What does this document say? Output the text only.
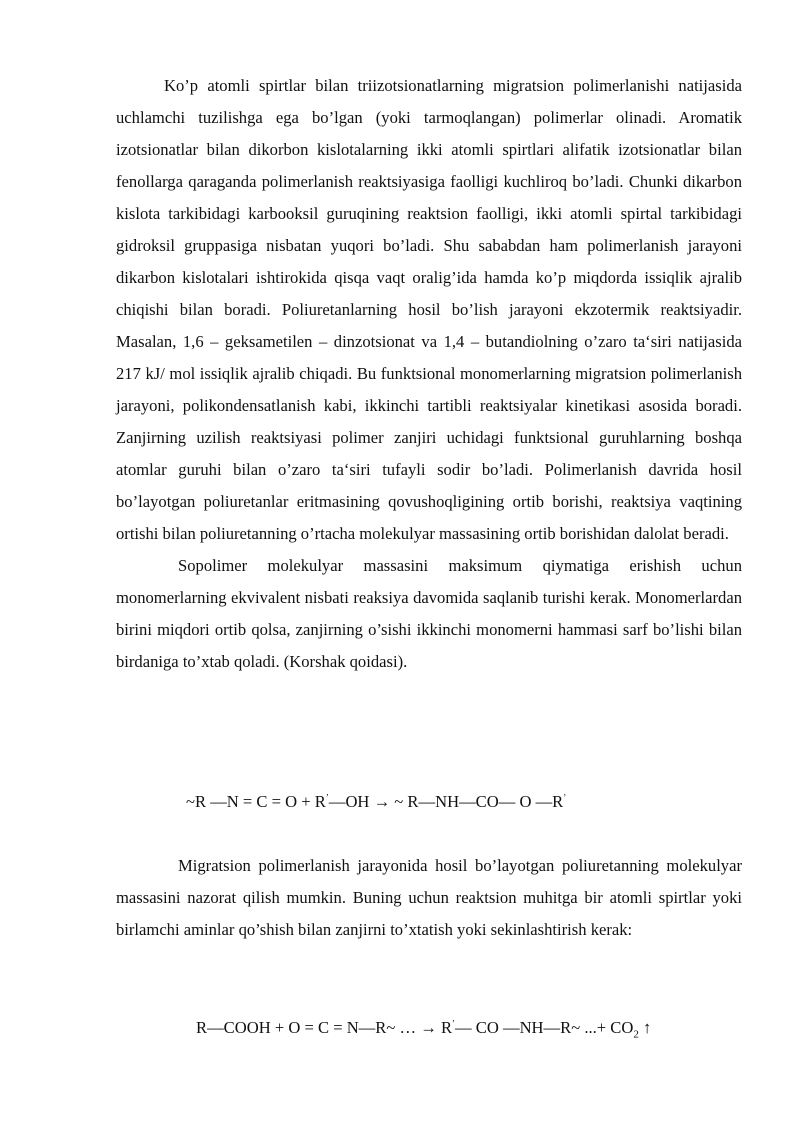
Ko’p atomli spirtlar bilan triizotsionatlarning migratsion polimerlanishi natijasida uchlamchi tuzilishga ega bo’lgan (yoki tarmoqlangan) polimerlar olinadi. Aromatik izotsionatlar bilan dikorbon kislotalarning ikki atomli spirtlari alifatik izotsionatlar bilan fenollarga qaraganda polimerlanish reaktsiyasiga faolligi kuchliroq bo’ladi. Chunki dikarbon kislota tarkibidagi karbooksil guruqining reaktsion faolligi, ikki atomli spirtal tarkibidagi gidroksil gruppasiga nisbatan yuqori bo’ladi. Shu sababdan ham polimerlanish jarayoni dikarbon kislotalari ishtirokida qisqa vaqt oralig’ida hamda ko’p miqdorda issiqlik ajralib chiqishi bilan boradi. Poliuretanlarning hosil bo’lish jarayoni ekzotermik reaktsiyadir. Masalan, 1,6 – geksametilen – dinzotsionat va 1,4 – butandiolning o’zaro ta‘siri natijasida 217 kJ/ mol issiqlik ajralib chiqadi. Bu funktsional monomerlarning migratsion polimerlanish jarayoni, polikondensatlanish kabi, ikkinchi tartibli reaktsiyalar kinetikasi asosida boradi. Zanjirning uzilish reaktsiyasi polimer zanjiri uchidagi funktsional guruhlarning boshqa atomlar guruhi bilan o’zaro ta‘siri tufayli sodir bo’ladi. Polimerlanish davrida hosil bo’layotgan poliuretanlar eritmasining qovushoqligining ortib borishi, reaktsiya vaqtining ortishi bilan poliuretanning o’rtacha molekulyar massasining ortib borishidan dalolat beradi.

Sopolimer molekulyar massasini maksimum qiymatiga erishish uchun monomerlarning ekvivalent nisbati reaksiya davomida saqlanib turishi kerak. Monomerlardan birini miqdori ortib qolsa, zanjirning o’sishi ikkinchi monomerni hammasi sarf bo’lishi bilan birdaniga to’xtab qoladi. (Korshak qoidasi).

~R —N = C = O + R’—OH → ~ R—NH—CO— O —R’

Migratsion polimerlanish jarayonida hosil bo’layotgan poliuretanning molekulyar massasini nazorat qilish mumkin. Buning uchun reaktsion muhitga bir atomli spirtlar yoki birlamchi aminlar qo’shish bilan zanjirni to’xtatish yoki sekinlashtirish kerak:

R—COOH + O = C = N—R~ … → R’— CO —NH—R~ ...+ $CO_2$ ↑
